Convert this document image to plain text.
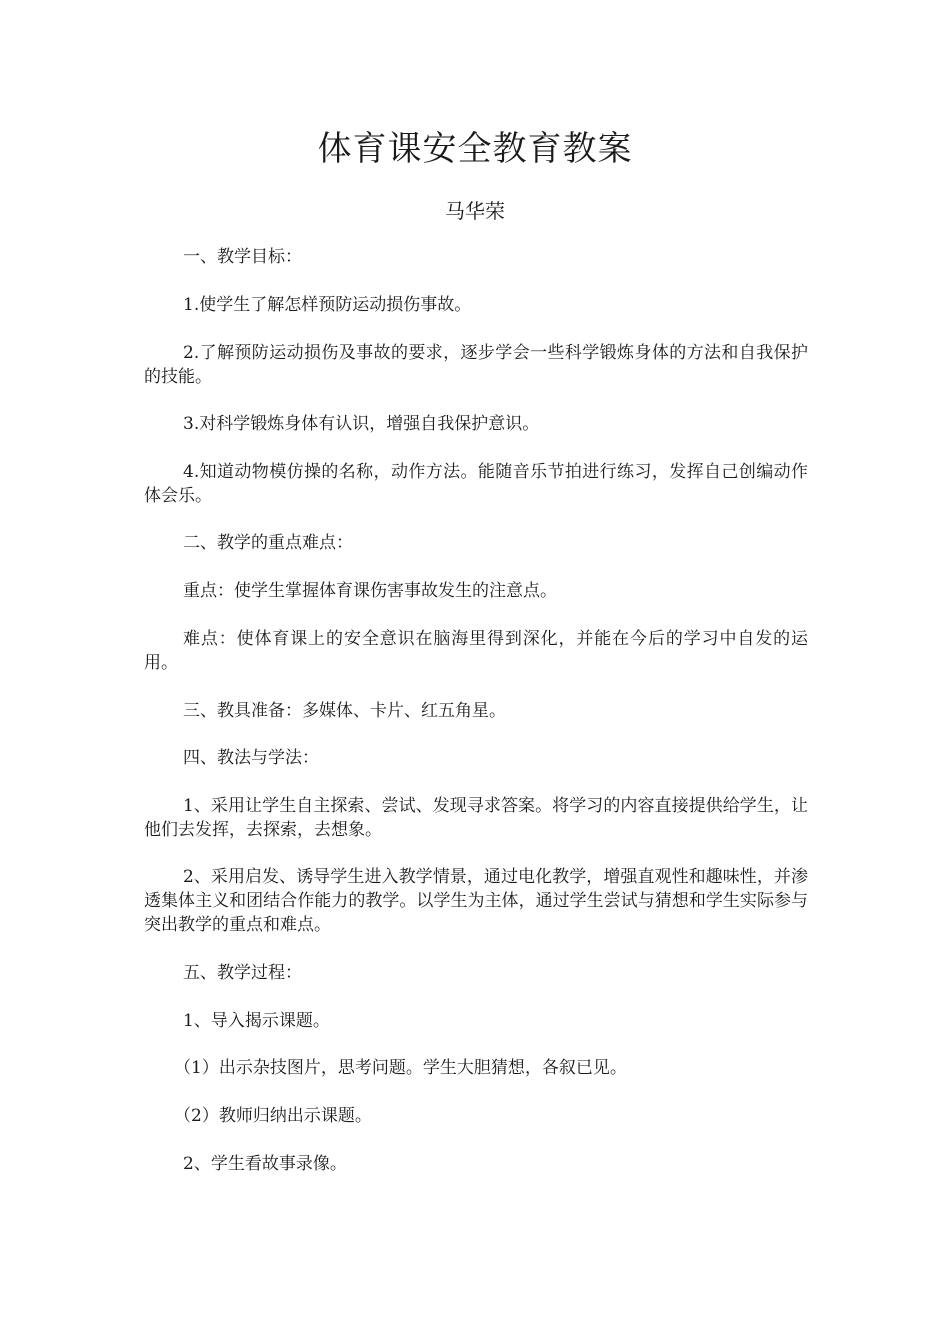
体育课安全教育教案
马华荣
一、教学目标：
1.使学生了解怎样预防运动损伤事故。
2.了解预防运动损伤及事故的要求，逐步学会一些科学锻炼身体的方法和自我保护的技能。
3.对科学锻炼身体有认识，增强自我保护意识。
4.知道动物模仿操的名称，动作方法。能随音乐节拍进行练习，发挥自己创编动作体会乐。
二、教学的重点难点：
重点：使学生掌握体育课伤害事故发生的注意点。
难点：使体育课上的安全意识在脑海里得到深化，并能在今后的学习中自发的运用。
三、教具准备：多媒体、卡片、红五角星。
四、教法与学法：
1、采用让学生自主探索、尝试、发现寻求答案。将学习的内容直接提供给学生，让他们去发挥，去探索，去想象。
2、采用启发、诱导学生进入教学情景，通过电化教学，增强直观性和趣味性，并渗透集体主义和团结合作能力的教学。以学生为主体，通过学生尝试与猜想和学生实际参与突出教学的重点和难点。
五、教学过程：
1、导入揭示课题。
（1）出示杂技图片，思考问题。学生大胆猜想，各叙已见。
（2）教师归纳出示课题。
2、学生看故事录像。
